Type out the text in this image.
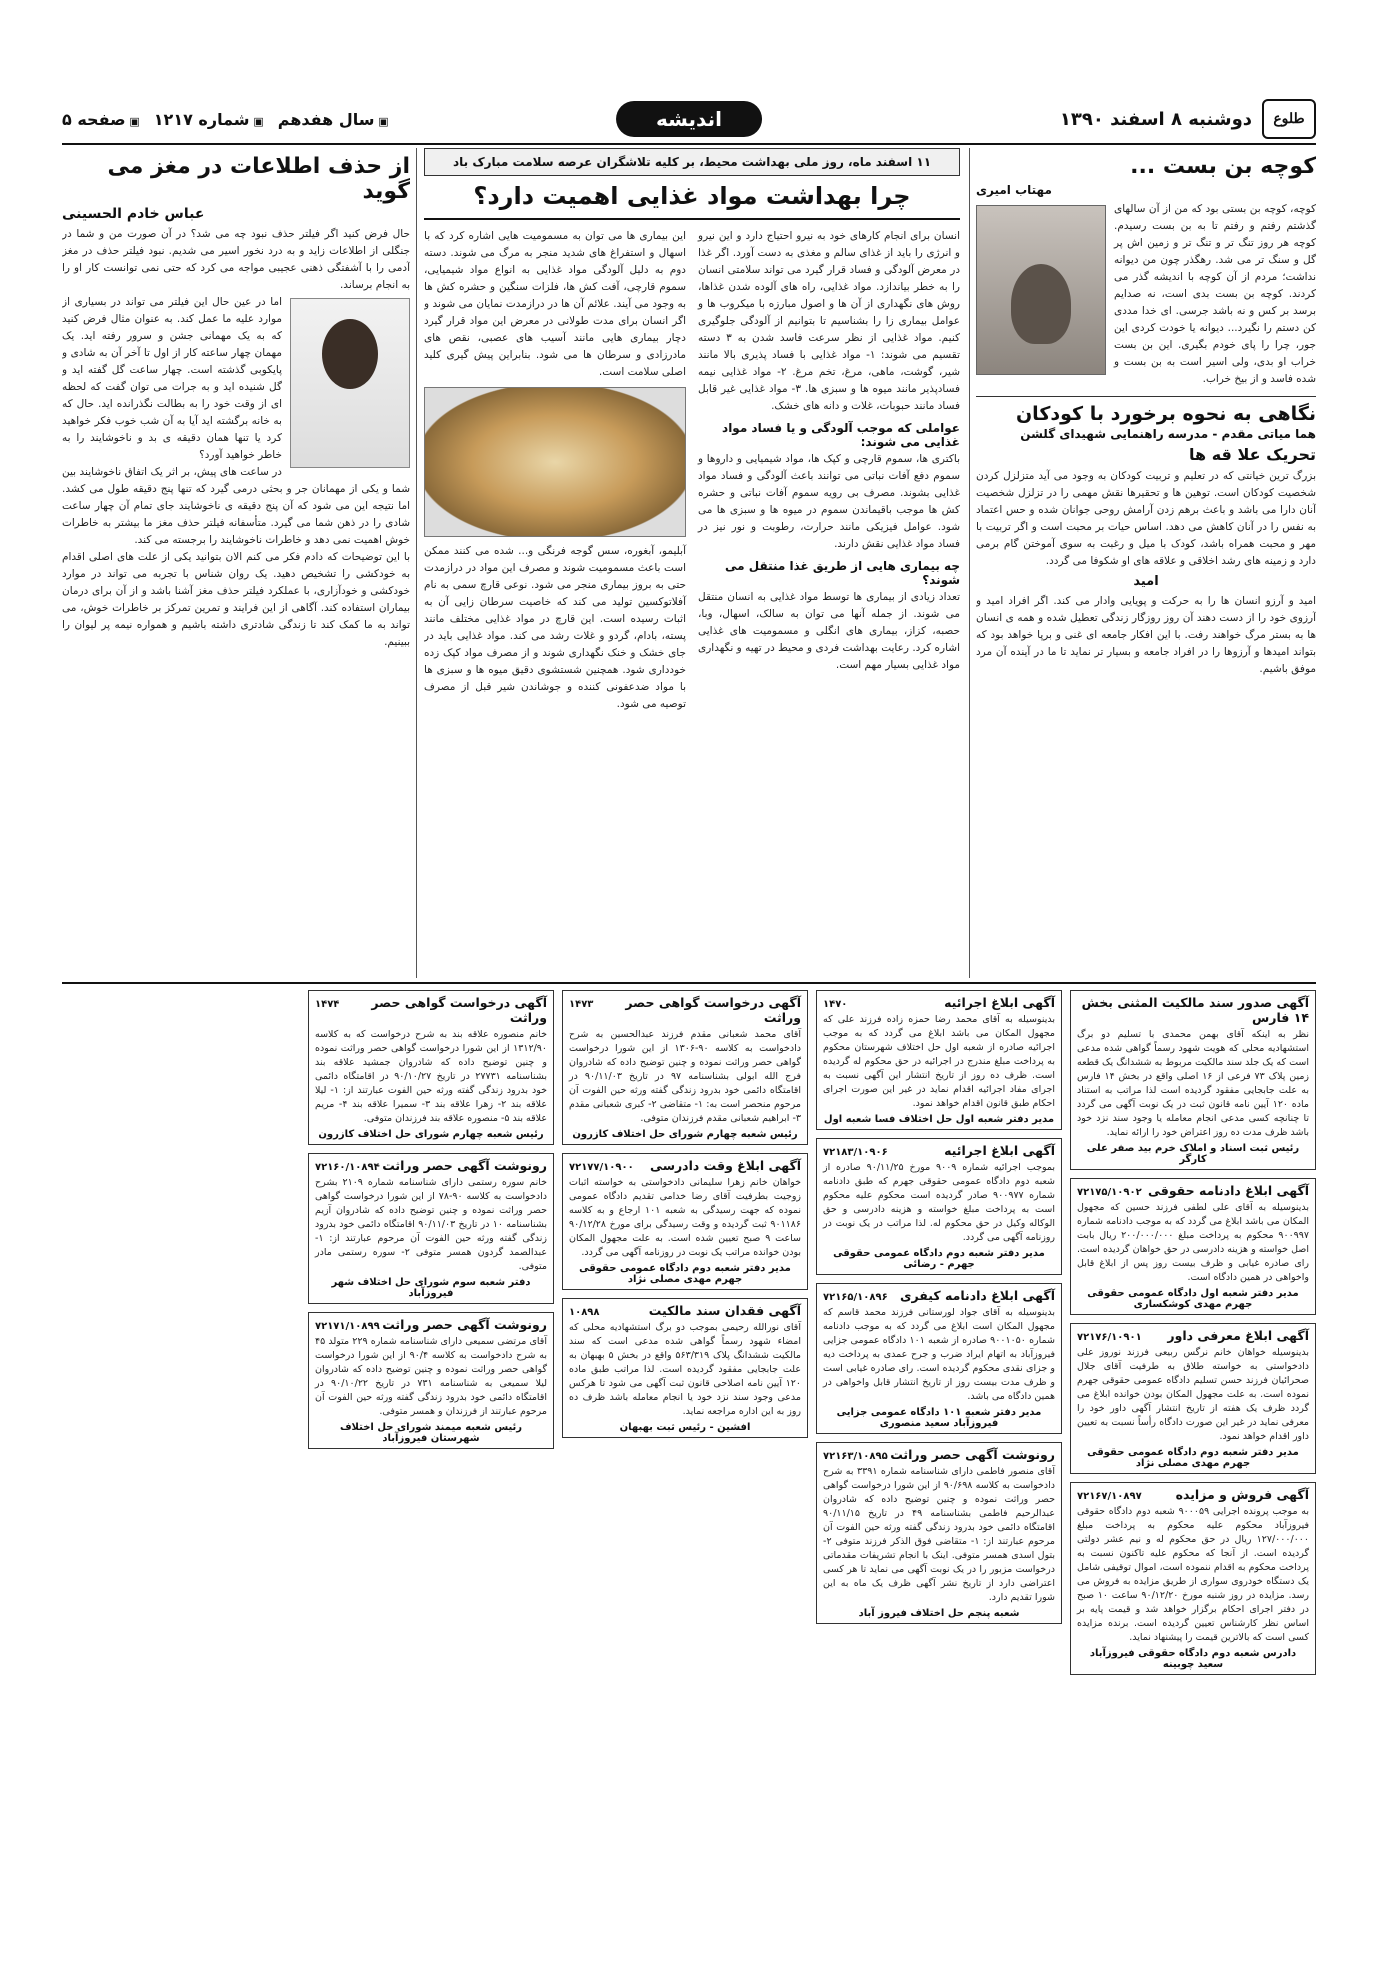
طلوع
دوشنبه ۸ اسفند ۱۳۹۰
اندیشه
▣ سال هفدهم
▣ شماره ۱۲۱۷
▣ صفحه ۵
کوچه بن بست ...
مهتاب امیری

کوچه، کوچه بن بستی بود که من از آن سالهای گذشتم رفتم و رفتم تا به بن بست رسیدم. کوچه هر روز تنگ تر و تنگ تر و زمین اش پر گل و سنگ تر می شد. رهگذر چون من دیوانه نداشت؛ مردم از آن کوچه با اندیشه گذر می کردند. کوچه بن بست بدی است، نه صدایم برسد بر کس و نه باشد جرسی. ای خدا مددی کن دستم را نگیرد... دیوانه یا خودت کردی این جور، چرا را پای خودم بگیری. این بن بست خراب او بدی، ولی اسیر است به بن بست و شده فاسد و از بیخ خراب.

نگاهی به نحوه برخورد با کودکان
هما میاتی مقدم - مدرسه راهنمایی شهیدای گلشن
تحریک علا قه ها

بزرگ ترین خیانتی که در تعلیم و تربیت کودکان به وجود می آید متزلزل کردن شخصیت کودکان است. توهین ها و تحقیرها نقش مهمی را در تزلزل شخصیت آنان دارا می باشد و باعث برهم زدن آرامش روحی جوانان شده و حس اعتماد به نفس را در آنان کاهش می دهد. اساس حیات بر محبت است و اگر تربیت با مهر و محبت همراه باشد، کودک با میل و رغبت به سوی آموختن گام برمی دارد و زمینه های رشد اخلاقی و علاقه های او شکوفا می گردد.

امید

امید و آرزو انسان ها را به حرکت و پویایی وادار می کند. اگر افراد امید و آرزوی خود را از دست دهند آن روز روزگار زندگی تعطیل شده و همه ی انسان ها به بستر مرگ خواهند رفت. با این افکار جامعه ای غنی و برپا خواهد بود که بتواند امیدها و آرزوها را در افراد جامعه و بسیار تر نماید تا ما در آینده آن مرد موفق باشیم.

۱۱ اسفند ماه، روز ملی بهداشت محیط، بر کلیه تلاشگران عرصه سلامت مبارک باد
چرا بهداشت مواد غذایی اهمیت دارد؟

انسان برای انجام کارهای خود به نیرو احتیاج دارد و این نیرو و انرژی را باید از غذای سالم و مغذی به دست آورد. اگر غذا در معرض آلودگی و فساد قرار گیرد می تواند سلامتی انسان را به خطر بیاندازد. مواد غذایی، راه های آلوده شدن غذاها، روش های نگهداری از آن ها و اصول مبارزه با میکروب ها و عوامل بیماری زا را بشناسیم تا بتوانیم از آلودگی جلوگیری کنیم. مواد غذایی از نظر سرعت فاسد شدن به ۳ دسته تقسیم می شوند: ۱- مواد غذایی با فساد پذیری بالا مانند شیر، گوشت، ماهی، مرغ، تخم مرغ. ۲- مواد غذایی نیمه فسادپذیر مانند میوه ها و سبزی ها. ۳- مواد غذایی غیر قابل فساد مانند حبوبات، غلات و دانه های خشک.

عواملی که موجب آلودگی و یا فساد مواد غذایی می شوند:

باکتری ها، سموم قارچی و کپک ها، مواد شیمیایی و داروها و سموم دفع آفات نباتی می توانند باعث آلودگی و فساد مواد غذایی بشوند. مصرف بی رویه سموم آفات نباتی و حشره کش ها موجب باقیماندن سموم در میوه ها و سبزی ها می شود. عوامل فیزیکی مانند حرارت، رطوبت و نور نیز در فساد مواد غذایی نقش دارند.

چه بیماری هایی از طریق غذا منتقل می شوند؟

تعداد زیادی از بیماری ها توسط مواد غذایی به انسان منتقل می شوند. از جمله آنها می توان به سالک، اسهال، وبا، حصبه، کزاز، بیماری های انگلی و مسمومیت های غذایی اشاره کرد. رعایت بهداشت فردی و محیط در تهیه و نگهداری مواد غذایی بسیار مهم است.

این بیماری ها می توان به مسمومیت هایی اشاره کرد که با اسهال و استفراغ های شدید منجر به مرگ می شوند. دسته دوم به دلیل آلودگی مواد غذایی به انواع مواد شیمیایی، سموم قارچی، آفت کش ها، فلزات سنگین و حشره کش ها به وجود می آیند. علائم آن ها در درازمدت نمایان می شوند و اگر انسان برای مدت طولانی در معرض این مواد قرار گیرد دچار بیماری هایی مانند آسیب های عصبی، نقص های مادرزادی و سرطان ها می شود. بنابراین پیش گیری کلید اصلی سلامت است.

آبلیمو، آبغوره، سس گوجه فرنگی و... شده می کنند ممکن است باعث مسمومیت شوند و مصرف این مواد در درازمدت حتی به بروز بیماری منجر می شود. نوعی قارچ سمی به نام آفلاتوکسین تولید می کند که خاصیت سرطان زایی آن به اثبات رسیده است. این قارچ در مواد غذایی مختلف مانند پسته، بادام، گردو و غلات رشد می کند. مواد غذایی باید در جای خشک و خنک نگهداری شوند و از مصرف مواد کپک زده خودداری شود. همچنین شستشوی دقیق میوه ها و سبزی ها با مواد ضدعفونی کننده و جوشاندن شیر قبل از مصرف توصیه می شود.

از حذف اطلاعات در مغز می گوید
عباس خادم الحسینی

حال فرض کنید اگر فیلتر حذف نبود چه می شد؟ در آن صورت من و شما در جنگلی از اطلاعات زاید و به درد نخور اسیر می شدیم. نبود فیلتر حذف در مغز آدمی را با آشفتگی ذهنی عجیبی مواجه می کرد که حتی نمی توانست کار او را به انجام برساند.

اما در عین حال این فیلتر می تواند در بسیاری از موارد علیه ما عمل کند. به عنوان مثال فرض کنید که به یک مهمانی جشن و سرور رفته اید. یک مهمان چهار ساعته کار از اول تا آخر آن به شادی و پایکوبی گذشته است. چهار ساعت گل گفته اید و گل شنیده اید و به جرات می توان گفت که لحظه ای از وقت خود را به بطالت نگذرانده اید. حال که به خانه برگشته اید آیا به آن شب خوب فکر خواهید کرد یا تنها همان دقیقه ی بد و ناخوشایند را به خاطر خواهید آورد؟

در ساعت های پیش، بر اثر یک اتفاق ناخوشایند بین شما و یکی از مهمانان جر و بحثی درمی گیرد که تنها پنج دقیقه طول می کشد. اما نتیجه این می شود که آن پنج دقیقه ی ناخوشایند جای تمام آن چهار ساعت شادی را در ذهن شما می گیرد. متأسفانه فیلتر حذف مغز ما بیشتر به خاطرات خوش اهمیت نمی دهد و خاطرات ناخوشایند را برجسته می کند.

با این توضیحات که دادم فکر می کنم الان بتوانید یکی از علت های اصلی اقدام به خودکشی را تشخیص دهید. یک روان شناس با تجربه می تواند در موارد خودکشی و خودآزاری، با عملکرد فیلتر حذف مغز آشنا باشد و از آن برای درمان بیماران استفاده کند. آگاهی از این فرایند و تمرین تمرکز بر خاطرات خوش، می تواند به ما کمک کند تا زندگی شادتری داشته باشیم و همواره نیمه پر لیوان را ببینیم.

آگهی صدور سند مالکیت المثنی بخش ۱۴ فارس

نظر به اینکه آقای بهمن محمدی با تسلیم دو برگ استشهادیه محلی که هویت شهود رسماً گواهی شده مدعی است که یک جلد سند مالکیت مربوط به ششدانگ یک قطعه زمین پلاک ۷۳ فرعی از ۱۶ اصلی واقع در بخش ۱۴ فارس به علت جابجایی مفقود گردیده است لذا مراتب به استناد ماده ۱۲۰ آیین نامه قانون ثبت در یک نوبت آگهی می گردد تا چنانچه کسی مدعی انجام معامله یا وجود سند نزد خود باشد ظرف مدت ده روز اعتراض خود را ارائه نماید.

رئیس ثبت اسناد و املاک خرم بید صفر علی کارگر
آگهی ابلاغ دادنامه حقوقی
۷۲۱۷۵/۱۰۹۰۲

بدینوسیله به آقای علی لطفی فرزند حسین که مجهول المکان می باشد ابلاغ می گردد که به موجب دادنامه شماره ۹۰۰۹۹۷ محکوم به پرداخت مبلغ ۲۰۰/۰۰۰/۰۰۰ ریال بابت اصل خواسته و هزینه دادرسی در حق خواهان گردیده است. رای صادره غیابی و ظرف بیست روز پس از ابلاغ قابل واخواهی در همین دادگاه است.

مدیر دفتر شعبه اول دادگاه عمومی حقوقی جهرم مهدی کوشکساری
آگهی ابلاغ معرفی داور
۷۲۱۷۶/۱۰۹۰۱

بدینوسیله خواهان خانم نرگس ربیعی فرزند نوروز علی دادخواستی به خواسته طلاق به طرفیت آقای جلال صحرائیان فرزند حسن تسلیم دادگاه عمومی حقوقی جهرم نموده است. به علت مجهول المکان بودن خوانده ابلاغ می گردد ظرف یک هفته از تاریخ انتشار آگهی داور خود را معرفی نماید در غیر این صورت دادگاه رأساً نسبت به تعیین داور اقدام خواهد نمود.

مدیر دفتر شعبه دوم دادگاه عمومی حقوقی جهرم مهدی مصلی نژاد
آگهی فروش و مزایده
۷۲۱۶۷/۱۰۸۹۷

به موجب پرونده اجرایی ۹۰۰۰۵۹ شعبه دوم دادگاه حقوقی فیروزآباد محکوم علیه محکوم به پرداخت مبلغ ۱۲۷/۰۰۰/۰۰۰ ریال در حق محکوم له و نیم عشر دولتی گردیده است. از آنجا که محکوم علیه تاکنون نسبت به پرداخت محکوم به اقدام ننموده است، اموال توقیفی شامل یک دستگاه خودروی سواری از طریق مزایده به فروش می رسد. مزایده در روز شنبه مورخ ۹۰/۱۲/۲۰ ساعت ۱۰ صبح در دفتر اجرای احکام برگزار خواهد شد و قیمت پایه بر اساس نظر کارشناس تعیین گردیده است. برنده مزایده کسی است که بالاترین قیمت را پیشنهاد نماید.

دادرس شعبه دوم دادگاه حقوقی فیروزآباد سعید چوبینه
آگهی ابلاغ اجرائیه
۱۴۷۰

بدینوسیله به آقای محمد رضا حمزه زاده فرزند علی که مجهول المکان می باشد ابلاغ می گردد که به موجب اجرائیه صادره از شعبه اول حل اختلاف شهرستان محکوم به پرداخت مبلغ مندرج در اجرائیه در حق محکوم له گردیده است. ظرف ده روز از تاریخ انتشار این آگهی نسبت به اجرای مفاد اجرائیه اقدام نماید در غیر این صورت اجرای احکام طبق قانون اقدام خواهد نمود.

مدیر دفتر شعبه اول حل اختلاف فسا شعبه اول
آگهی ابلاغ اجرائیه
۷۲۱۸۳/۱۰۹۰۶

بموجب اجرائیه شماره ۹۰۰۹ مورخ ۹۰/۱۱/۲۵ صادره از شعبه دوم دادگاه عمومی حقوقی جهرم که طبق دادنامه شماره ۹۰۰۹۷۷ صادر گردیده است محکوم علیه محکوم است به پرداخت مبلغ خواسته و هزینه دادرسی و حق الوکاله وکیل در حق محکوم له. لذا مراتب در یک نوبت در روزنامه آگهی می گردد.

مدیر دفتر شعبه دوم دادگاه عمومی حقوقی جهرم - رضائی
آگهی ابلاغ دادنامه کیفری
۷۲۱۶۵/۱۰۸۹۶

بدینوسیله به آقای جواد لورستانی فرزند محمد قاسم که مجهول المکان است ابلاغ می گردد که به موجب دادنامه شماره ۹۰۰۱۰۵۰ صادره از شعبه ۱۰۱ دادگاه عمومی جزایی فیروزآباد به اتهام ایراد ضرب و جرح عمدی به پرداخت دیه و جزای نقدی محکوم گردیده است. رای صادره غیابی است و ظرف مدت بیست روز از تاریخ انتشار قابل واخواهی در همین دادگاه می باشد.

مدیر دفتر شعبه ۱۰۱ دادگاه عمومی جزایی فیروزآباد سعید منصوری
رونوشت آگهی حصر وراثت
۷۲۱۶۳/۱۰۸۹۵

آقای منصور فاطمی دارای شناسنامه شماره ۳۳۹۱ به شرح دادخواست به کلاسه ۹۰/۶۹۸ از این شورا درخواست گواهی حصر وراثت نموده و چنین توضیح داده که شادروان عبدالرحیم فاطمی بشناسنامه ۴۹ در تاریخ ۹۰/۱۱/۱۵ اقامتگاه دائمی خود بدرود زندگی گفته ورثه حین الفوت آن مرحوم عبارتند از: ۱- متقاضی فوق الذکر فرزند متوفی ۲- بتول اسدی همسر متوفی. اینک با انجام تشریفات مقدماتی درخواست مزبور را در یک نوبت آگهی می نماید تا هر کسی اعتراضی دارد از تاریخ نشر آگهی ظرف یک ماه به این شورا تقدیم دارد.

شعبه پنجم حل اختلاف فیروز آباد
آگهی درخواست گواهی حصر وراثت
۱۴۷۳

آقای محمد شعبانی مقدم فرزند عبدالحسین به شرح دادخواست به کلاسه ۹۰-۱۳۰۶ از این شورا درخواست گواهی حصر وراثت نموده و چنین توضیح داده که شادروان فرج الله ابولی بشناسنامه ۹۷ در تاریخ ۹۰/۱۱/۰۳ در اقامتگاه دائمی خود بدرود زندگی گفته ورثه حین الفوت آن مرحوم منحصر است به: ۱- متقاضی ۲- کبری شعبانی مقدم ۳- ابراهیم شعبانی مقدم فرزندان متوفی.

رئیس شعبه چهارم شورای حل اختلاف کازرون
آگهی ابلاغ وقت دادرسی
۷۲۱۷۷/۱۰۹۰۰

خواهان خانم زهرا سلیمانی دادخواستی به خواسته اثبات زوجیت بطرفیت آقای رضا خدامی تقدیم دادگاه عمومی نموده که جهت رسیدگی به شعبه ۱۰۱ ارجاع و به کلاسه ۹۰۱۱۸۶ ثبت گردیده و وقت رسیدگی برای مورخ ۹۰/۱۲/۲۸ ساعت ۹ صبح تعیین شده است. به علت مجهول المکان بودن خوانده مراتب یک نوبت در روزنامه آگهی می گردد.

مدیر دفتر شعبه دوم دادگاه عمومی حقوقی جهرم مهدی مصلی نژاد
آگهی فقدان سند مالکیت
۱۰۸۹۸

آقای نورالله رحیمی بموجب دو برگ استشهادیه محلی که امضاء شهود رسماً گواهی شده مدعی است که سند مالکیت ششدانگ پلاک ۵۶۳/۳۱۹ واقع در بخش ۵ بهبهان به علت جابجایی مفقود گردیده است. لذا مراتب طبق ماده ۱۲۰ آیین نامه اصلاحی قانون ثبت آگهی می شود تا هرکس مدعی وجود سند نزد خود یا انجام معامله باشد ظرف ده روز به این اداره مراجعه نماید.

افشین - رئیس ثبت بهبهان
آگهی درخواست گواهی حصر وراثت
۱۴۷۴

خانم منصوره علاقه بند به شرح درخواست که به کلاسه ۱۳۱۲/۹۰ از این شورا درخواست گواهی حصر وراثت نموده و چنین توضیح داده که شادروان جمشید علاقه بند بشناسنامه ۲۷۷۳۱ در تاریخ ۹۰/۱۰/۲۷ در اقامتگاه دائمی خود بدرود زندگی گفته ورثه حین الفوت عبارتند از: ۱- لیلا علاقه بند ۲- زهرا علاقه بند ۳- سمیرا علاقه بند ۴- مریم علاقه بند ۵- منصوره علاقه بند فرزندان متوفی.

رئیس شعبه چهارم شورای حل اختلاف کازرون
رونوشت آگهی حصر وراثت
۷۲۱۶۰/۱۰۸۹۴

خانم سوره رستمی دارای شناسنامه شماره ۲۱۰۹ بشرح دادخواست به کلاسه ۹۰-۷۸ از این شورا درخواست گواهی حصر وراثت نموده و چنین توضیح داده که شادروان آزیم بشناسنامه ۱۰ در تاریخ ۹۰/۱۱/۰۳ اقامتگاه دائمی خود بدرود زندگی گفته ورثه حین الفوت آن مرحوم عبارتند از: ۱- عبدالصمد گردون همسر متوفی ۲- سوره رستمی مادر متوفی.

دفتر شعبه سوم شورای حل اختلاف شهر فیروزآباد
رونوشت آگهی حصر وراثت
۷۲۱۷۱/۱۰۸۹۹

آقای مرتضی سمیعی دارای شناسنامه شماره ۲۲۹ متولد ۴۵ به شرح دادخواست به کلاسه ۹۰/۴ از این شورا درخواست گواهی حصر وراثت نموده و چنین توضیح داده که شادروان لیلا سمیعی به شناسنامه ۷۳۱ در تاریخ ۹۰/۱۰/۲۲ در اقامتگاه دائمی خود بدرود زندگی گفته ورثه حین الفوت آن مرحوم عبارتند از فرزندان و همسر متوفی.

رئیس شعبه میمند شورای حل اختلاف شهرستان فیروزآباد
